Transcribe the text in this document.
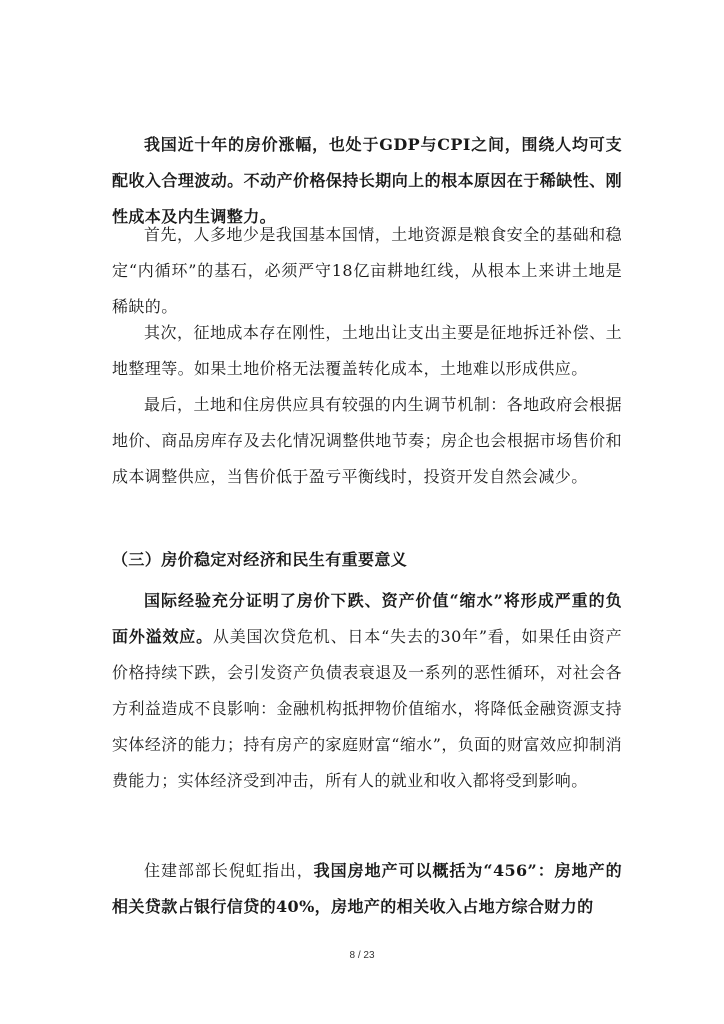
我国近十年的房价涨幅，也处于GDP与CPI之间，围绕人均可支配收入合理波动。不动产价格保持长期向上的根本原因在于稀缺性、刚性成本及内生调整力。

首先，人多地少是我国基本国情，土地资源是粮食安全的基础和稳定“内循环”的基石，必须严守18亿亩耕地红线，从根本上来讲土地是稀缺的。

其次，征地成本存在刚性，土地出让支出主要是征地拆迁补偿、土地整理等。如果土地价格无法覆盖转化成本，土地难以形成供应。

最后，土地和住房供应具有较强的内生调节机制：各地政府会根据地价、商品房库存及去化情况调整供地节奏；房企也会根据市场售价和成本调整供应，当售价低于盈亏平衡线时，投资开发自然会减少。

（三）房价稳定对经济和民生有重要意义

国际经验充分证明了房价下跌、资产价值“缩水”将形成严重的负面外溢效应。从美国次贷危机、日本“失去的30年”看，如果任由资产价格持续下跌，会引发资产负债表衰退及一系列的恶性循环，对社会各方利益造成不良影响：金融机构抵押物价值缩水，将降低金融资源支持实体经济的能力；持有房产的家庭财富“缩水”，负面的财富效应抑制消费能力；实体经济受到冲击，所有人的就业和收入都将受到影响。

住建部部长倪虹指出，我国房地产可以概括为“456”：房地产的相关贷款占银行信贷的40%，房地产的相关收入占地方综合财力的

8 / 23
